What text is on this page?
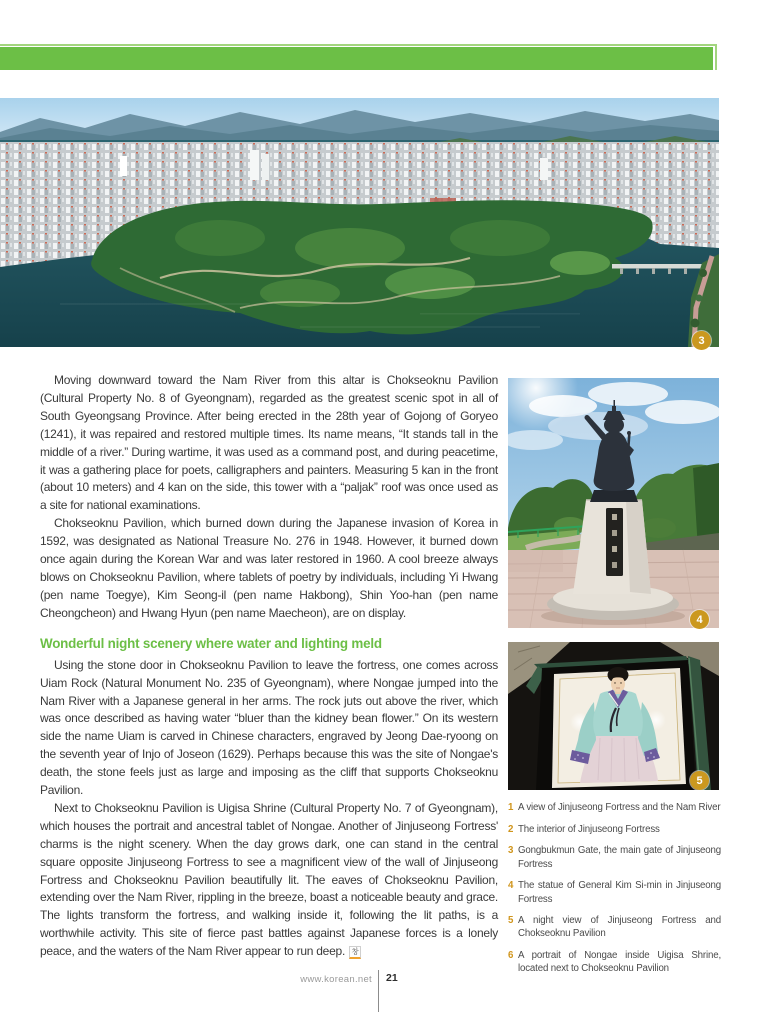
3

Moving downward toward the Nam River from this altar is Chokseoknu Pavilion (Cultural Property No. 8 of Gyeongnam), regarded as the greatest scenic spot in all of South Gyeongsang Province. After being erected in the 28th year of Gojong of Goryeo (1241), it was repaired and restored multiple times. Its name means, “It stands tall in the middle of a river.” During wartime, it was used as a command post, and during peacetime, it was a gathering place for poets, calligraphers and painters. Measuring 5 kan in the front (about 10 meters) and 4 kan on the side, this tower with a “paljak” roof was once used as a site for national examinations.

Chokseoknu Pavilion, which burned down during the Japanese invasion of Korea in 1592, was designated as National Treasure No. 276 in 1948. However, it burned down once again during the Korean War and was later restored in 1960. A cool breeze always blows on Chokseoknu Pavilion, where tablets of poetry by individuals, including Yi Hwang (pen name Toegye), Kim Seong-il (pen name Hakbong), Shin Yoo-han (pen name Cheongcheon) and Hwang Hyun (pen name Maecheon), are on display.

Wonderful night scenery where water and lighting meld

Using the stone door in Chokseoknu Pavilion to leave the fortress, one comes across Uiam Rock (Natural Monument No. 235 of Gyeongnam), where Nongae jumped into the Nam River with a Japanese general in her arms. The rock juts out above the river, which was once described as having water “bluer than the kidney bean flower.” On its western side the name Uiam is carved in Chinese characters, engraved by Jeong Dae-ryoong on the seventh year of Injo of Joseon (1629). Perhaps because this was the site of Nongae's death, the stone feels just as large and imposing as the cliff that supports Chokseoknu Pavilion.

Next to Chokseoknu Pavilion is Uigisa Shrine (Cultural Property No. 7 of Gyeongnam), which houses the portrait and ancestral tablet of Nongae. Another of Jinjuseong Fortress' charms is the night scenery. When the day grows dark, one can stand in the central square opposite Jinjuseong Fortress to see a magnificent view of the wall of Jinjuseong Fortress and Chokseoknu Pavilion beautifully lit. The eaves of Chokseoknu Pavilion, extending over the Nam River, rippling in the breeze, boast a noticeable beauty and grace. The lights transform the fortress, and walking inside it, following the lit paths, is a worthwhile activity. This site of fierce past battles against Japanese forces is a lonely peace, and the waters of the Nam River appear to run deep. 창

4
5
1 A view of Jinjuseong Fortress and the Nam River
2 The interior of Jinjuseong Fortress
3 Gongbukmun Gate, the main gate of Jinjuseong Fortress
4 The statue of General Kim Si-min in Jinjuseong Fortress
5 A night view of Jinjuseong Fortress and Chokseoknu Pavilion
6 A portrait of Nongae inside Uigisa Shrine, located next to Chokseoknu Pavilion
www.korean.net 21
